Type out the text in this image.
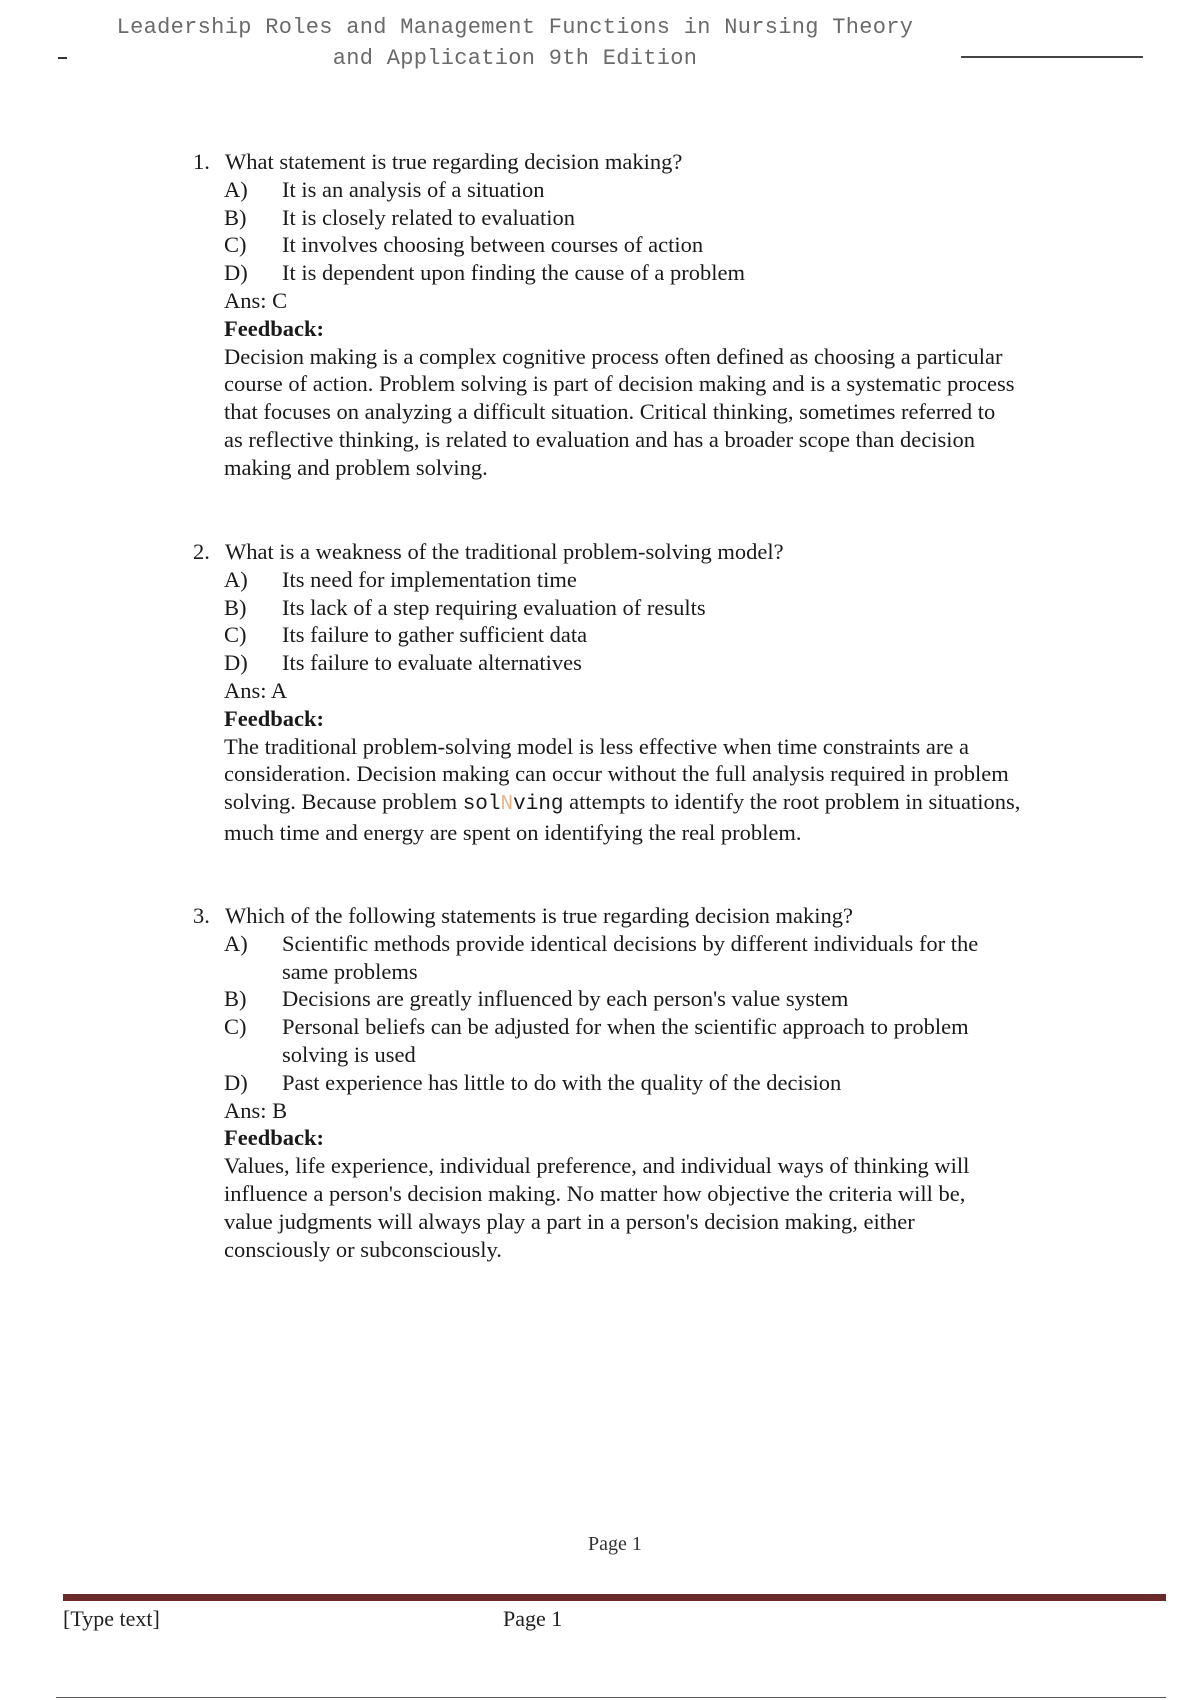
Leadership Roles and Management Functions in Nursing Theory
and Application 9th Edition
1. What statement is true regarding decision making?
A) It is an analysis of a situation
B) It is closely related to evaluation
C) It involves choosing between courses of action
D) It is dependent upon finding the cause of a problem
Ans: C
Feedback:
Decision making is a complex cognitive process often defined as choosing a particular
course of action. Problem solving is part of decision making and is a systematic process
that focuses on analyzing a difficult situation. Critical thinking, sometimes referred to
as reflective thinking, is related to evaluation and has a broader scope than decision
making and problem solving.
2. What is a weakness of the traditional problem-solving model?
A) Its need for implementation time
B) Its lack of a step requiring evaluation of results
C) Its failure to gather sufficient data
D) Its failure to evaluate alternatives
Ans: A
Feedback:
The traditional problem-solving model is less effective when time constraints are a
consideration. Decision making can occur without the full analysis required in problem
solving. Because problem solNving attempts to identify the root problem in situations,
much time and energy are spent on identifying the real problem.
3. Which of the following statements is true regarding decision making?
A) Scientific methods provide identical decisions by different individuals for the
same problems
B) Decisions are greatly influenced by each person's value system
C) Personal beliefs can be adjusted for when the scientific approach to problem
solving is used
D) Past experience has little to do with the quality of the decision
Ans: B
Feedback:
Values, life experience, individual preference, and individual ways of thinking will
influence a person's decision making. No matter how objective the criteria will be,
value judgments will always play a part in a person's decision making, either
consciously or subconsciously.
Page 1
[Type text]	Page 1
